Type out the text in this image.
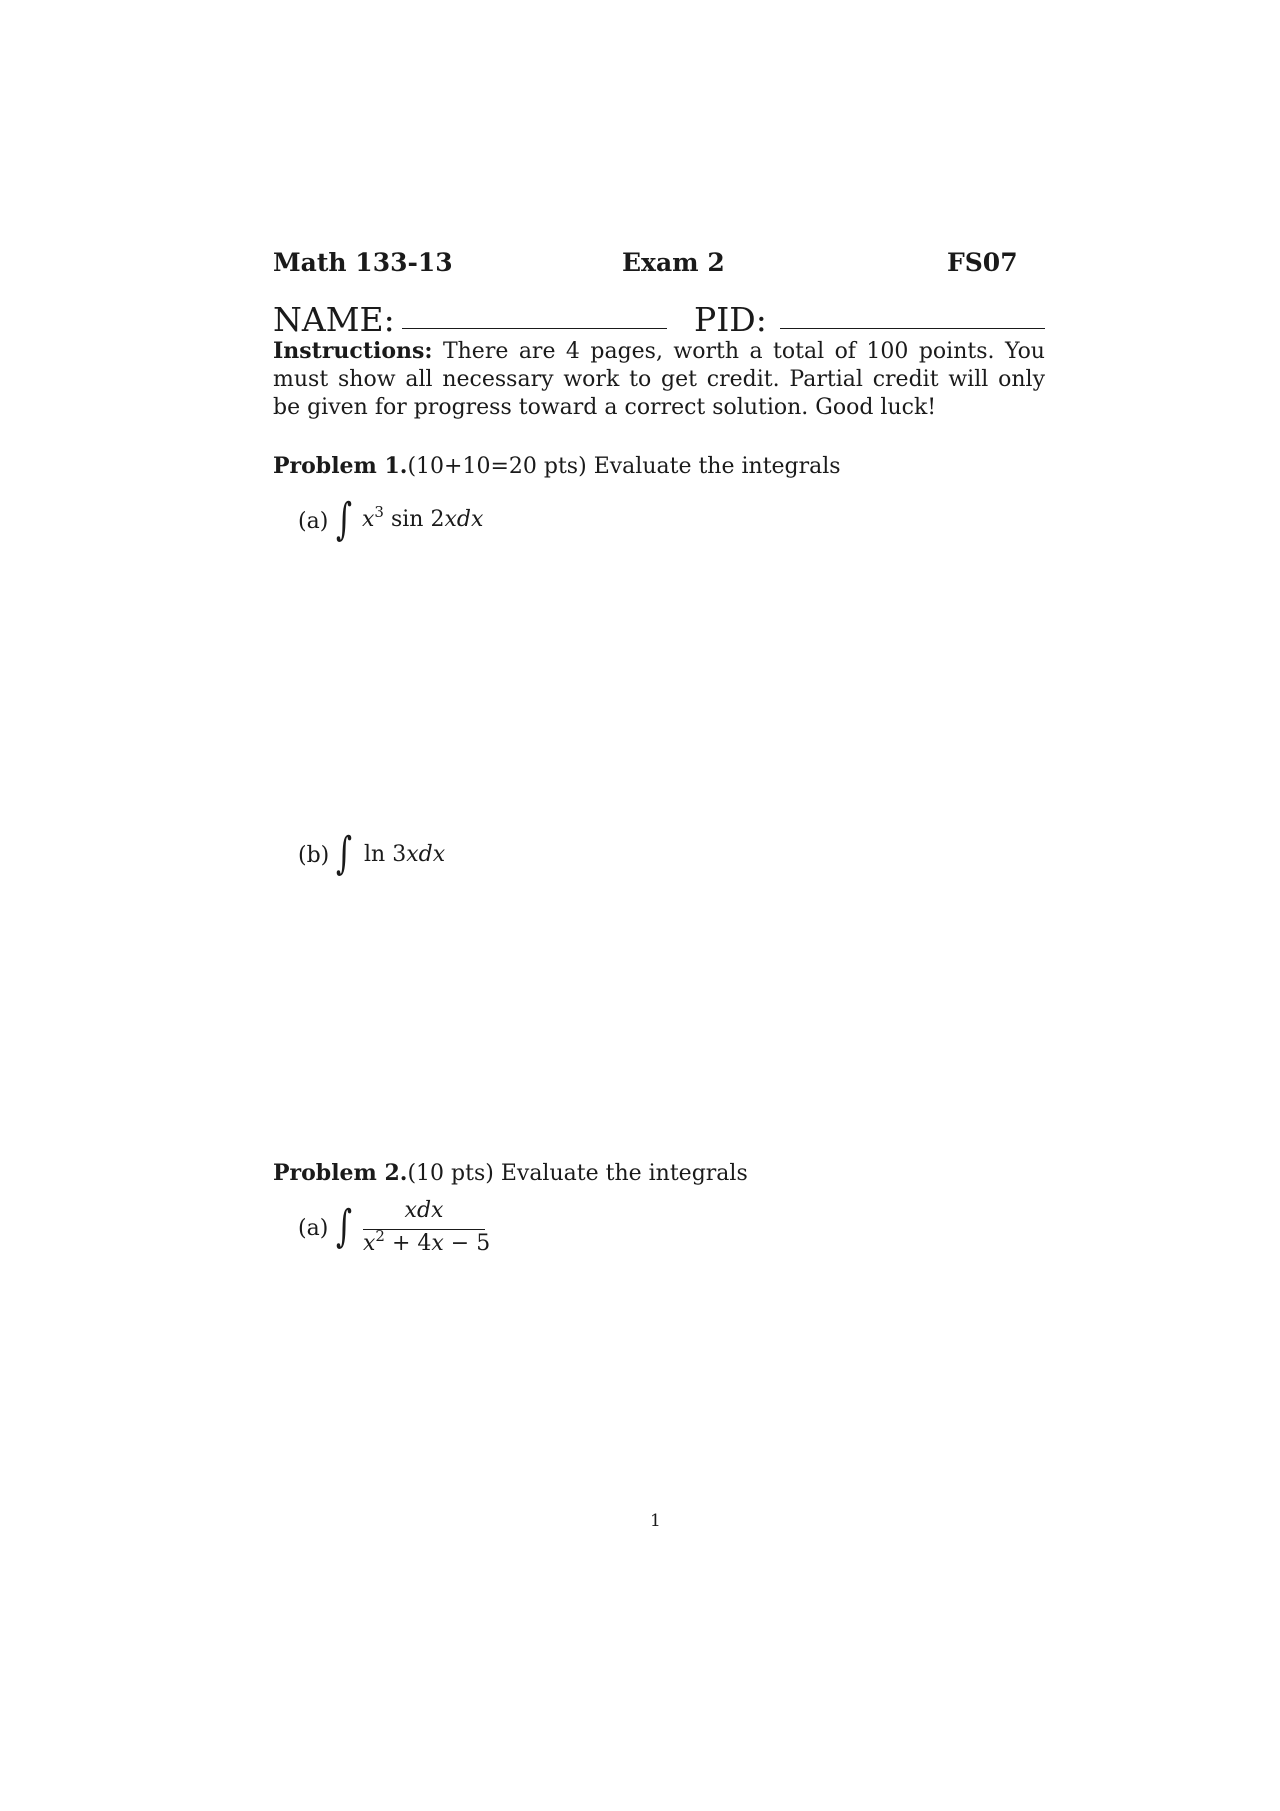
Math 133-13	Exam 2	FS07
NAME:	PID:
Instructions: There are 4 pages, worth a total of 100 points. You must show all necessary work to get credit. Partial credit will only be given for progress toward a correct solution. Good luck!
Problem 1.(10+10=20 pts) Evaluate the integrals
(a) ∫ $x^3$ sin 2xdx
(b) ∫ ln 3xdx
Problem 2.(10 pts) Evaluate the integrals
(a) ∫	xdx
$x^2 + 4x - 5$
1
